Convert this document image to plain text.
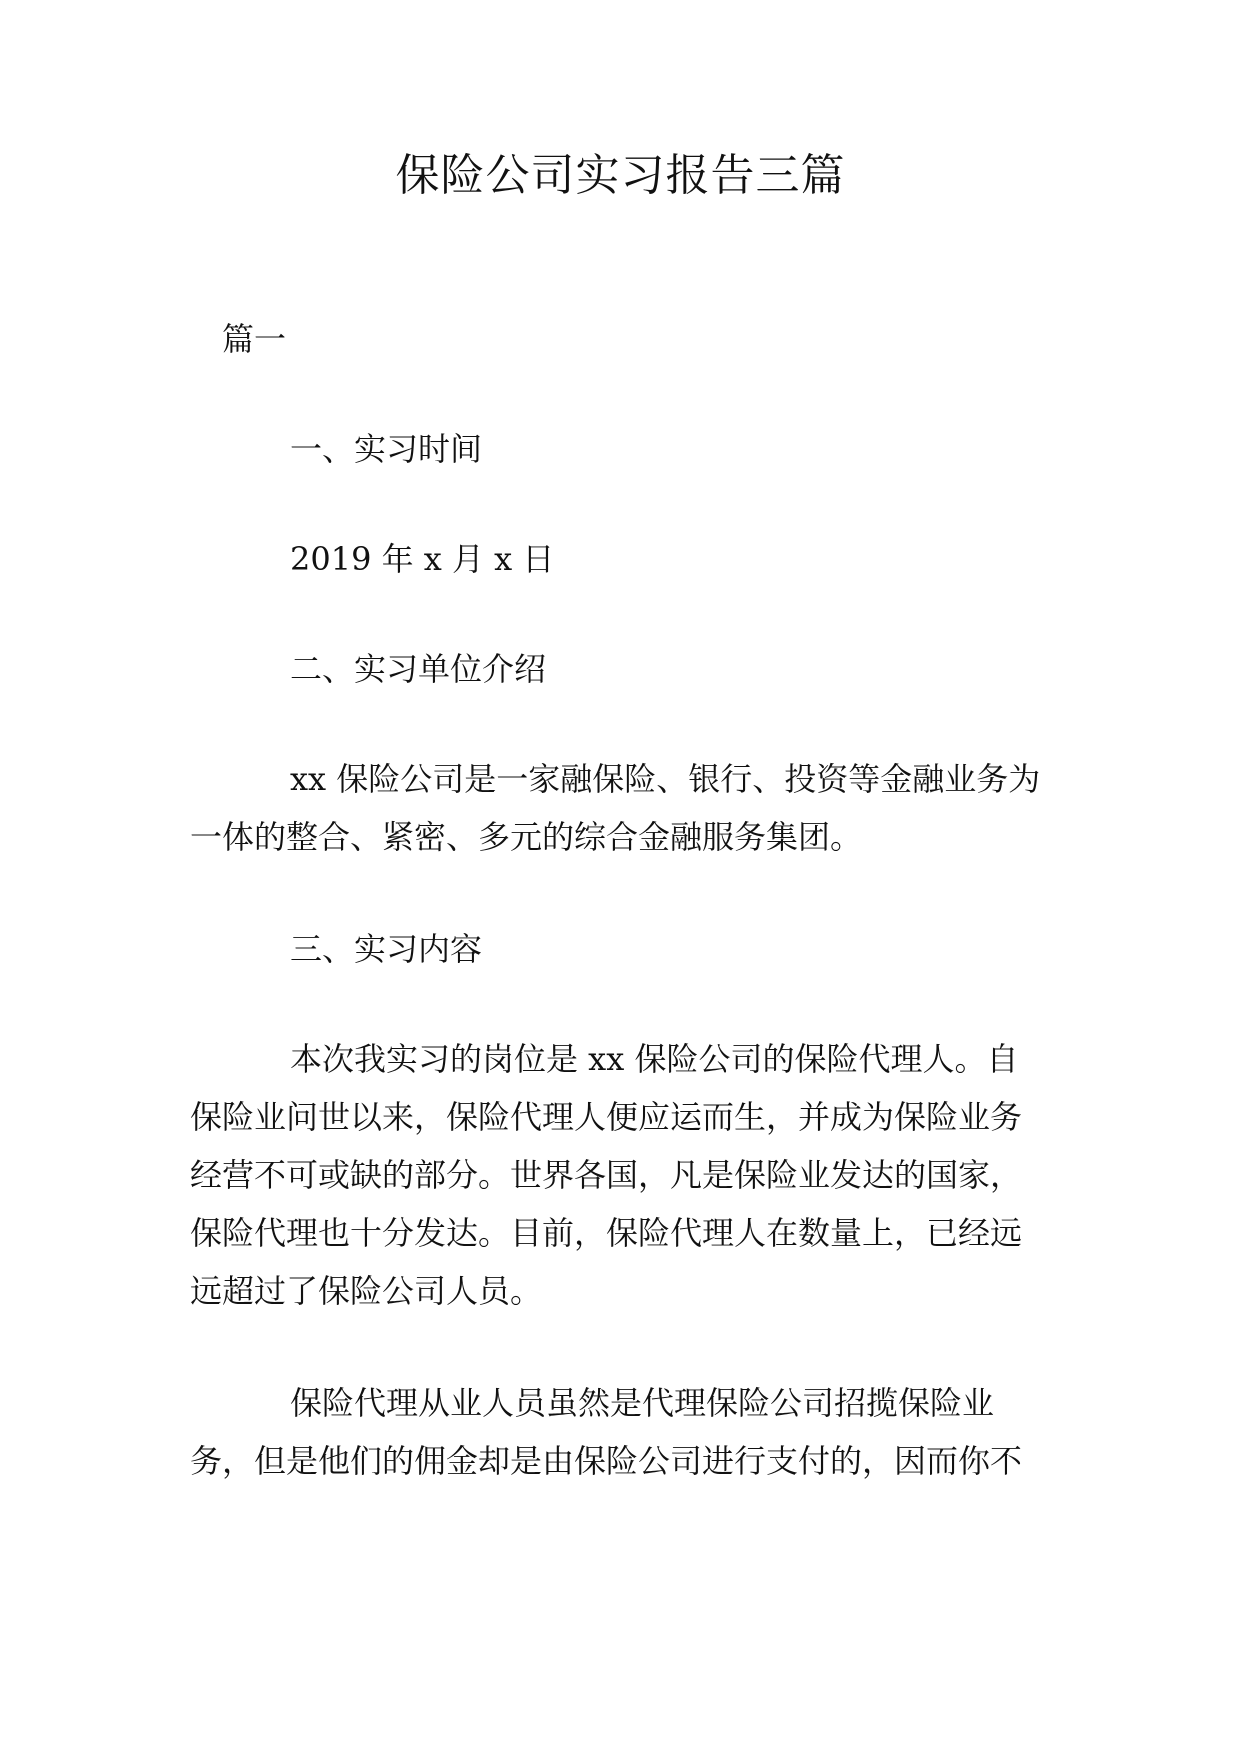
保险公司实习报告三篇

篇一

一、实习时间

2019 年 x 月 x 日

二、实习单位介绍

xx 保险公司是一家融保险、银行、投资等金融业务为

一体的整合、紧密、多元的综合金融服务集团。

三、实习内容

本次我实习的岗位是 xx 保险公司的保险代理人。自

保险业问世以来，保险代理人便应运而生，并成为保险业务

经营不可或缺的部分。世界各国，凡是保险业发达的国家，

保险代理也十分发达。目前，保险代理人在数量上，已经远

远超过了保险公司人员。

保险代理从业人员虽然是代理保险公司招揽保险业

务，但是他们的佣金却是由保险公司进行支付的，因而你不
